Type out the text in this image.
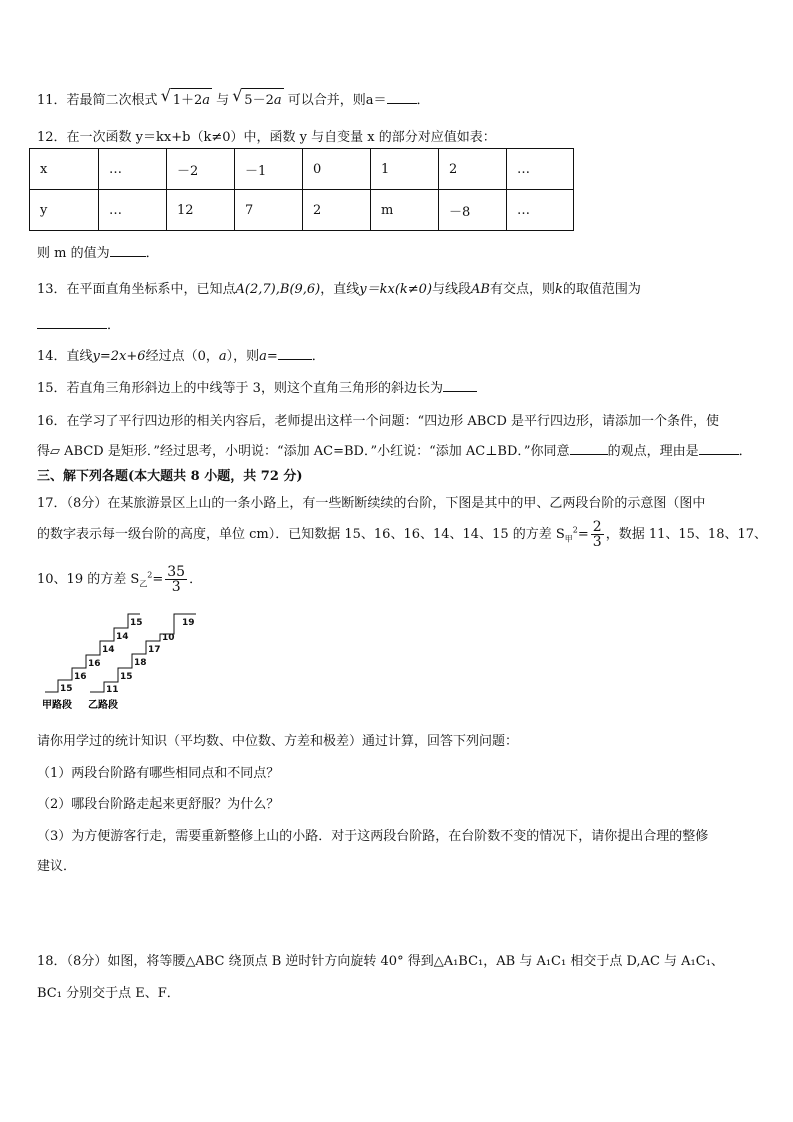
11．若最简二次根式 √ 1＋2a 与 √ 5－2a 可以合并，则a＝ ．
12．在一次函数 y＝kx+b（k≠0）中，函数 y 与自变量 x 的部分对应值如表：
x	…	－2	－1	0	1	2	…
y	…	12	7	2	m	－8	…
则 m 的值为	．
13．在平面直角坐标系中，已知点A(2,7),B(9,6)，直线y＝kx(k≠0)与线段AB有交点，则k的取值范围为
．
14．直线y=2x+6经过点（0，a），则a=	．
15．若直角三角形斜边上的中线等于 3，则这个直角三角形的斜边长为
16．在学习了平行四边形的相关内容后，老师提出这样一个问题：“四边形 ABCD 是平行四边形，请添加一个条件，使
得▱ ABCD 是矩形．”经过思考，小明说：“添加 AC=BD．”小红说：“添加 AC⊥BD．”你同意	的观点，理由是	．
三、解下列各题(本大题共 8 小题，共 72 分)
17．（8分）在某旅游景区上山的一条小路上，有一些断断续续的台阶，下图是其中的甲、乙两段台阶的示意图（图中
的数字表示每一级台阶的高度，单位 cm）．已知数据 15、16、16、14、14、15 的方差 $S_甲^2= \frac{2}{3}$ ，数据 11、15、18、17、
10、19 的方差 $S_乙^2= \frac{35}{3}$ ．
15
16
16
14
14
15
11
15
18
17
10
19
甲路段 乙路段
请你用学过的统计知识（平均数、中位数、方差和极差）通过计算，回答下列问题：
（1）两段台阶路有哪些相同点和不同点？
（2）哪段台阶路走起来更舒服？为什么？
（3）为方便游客行走，需要重新整修上山的小路．对于这两段台阶路，在台阶数不变的情况下，请你提出合理的整修
建议．
18．（8分）如图，将等腰△ABC 绕顶点 B 逆时针方向旋转 40° 得到△A₁BC₁，AB 与 A₁C₁ 相交于点 D,AC 与 A₁C₁、
BC₁ 分别交于点 E、F．
